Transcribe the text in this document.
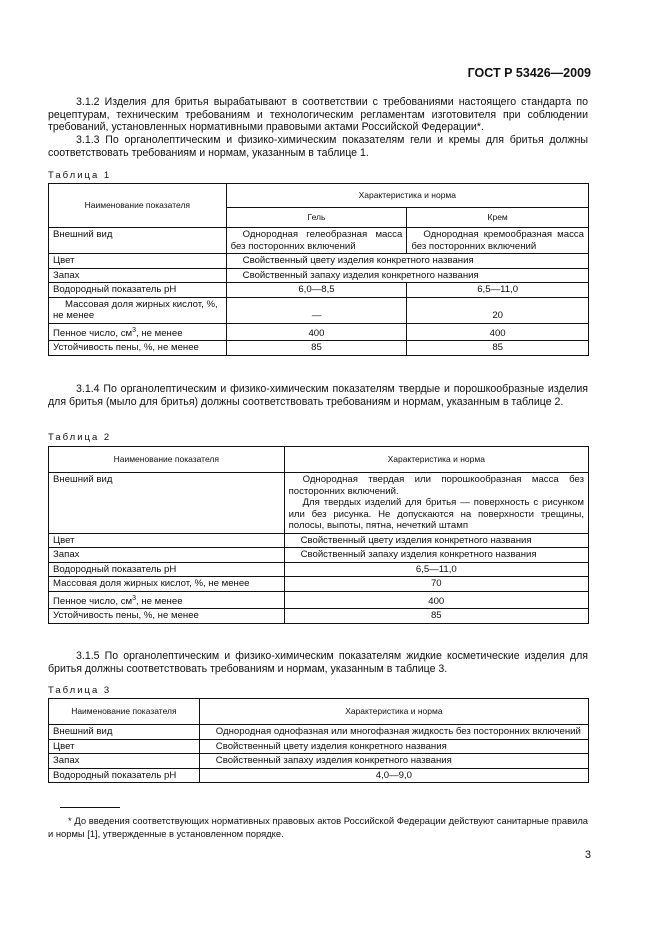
ГОСТ Р 53426—2009

3.1.2 Изделия для бритья вырабатывают в соответствии с требованиями настоящего стандарта по рецептурам, техническим требованиям и технологическим регламентам изготовителя при соблюдении требований, установленных нормативными правовыми актами Российской Федерации*.

3.1.3 По органолептическим и физико-химическим показателям гели и кремы для бритья должны соответствовать требованиям и нормам, указанным в таблице 1.

Таблица 1
Наименование показателя	Характеристика и норма	
	Гель	Крем
Внешний вид	Однородная гелеобразная масса без посторонних включений	Однородная кремообразная масса без посторонних включений
Цвет	Свойственный цвету изделия конкретного названия	
Запах	Свойственный запаху изделия конкретного названия	
Водородный показатель pH	6,0—8,5	6,5—11,0
Массовая доля жирных кислот, %, не менее	—	20
Пенное число, $см^3$, не менее	400	400
Устойчивость пены, %, не менее	85	85

3.1.4 По органолептическим и физико-химическим показателям твердые и порошкообразные изделия для бритья (мыло для бритья) должны соответствовать требованиям и нормам, указанным в таблице 2.

Таблица 2
Наименование показателя	Характеристика и норма
Внешний вид	Однородная твердая или порошкообразная масса без посторонних включений.
Для твердых изделий для бритья — поверхность с рисунком или без рисунка. Не допускаются на поверхности трещины, полосы, выпоты, пятна, нечеткий штамп

Цвет	Свойственный цвету изделия конкретного названия
Запах	Свойственный запаху изделия конкретного названия
Водородный показатель pH	6,5—11,0
Массовая доля жирных кислот, %, не менее	70
Пенное число, $см^3$, не менее	400
Устойчивость пены, %, не менее	85

3.1.5 По органолептическим и физико-химическим показателям жидкие косметические изделия для бритья должны соответствовать требованиям и нормам, указанным в таблице 3.

Таблица 3
Наименование показателя	Характеристика и норма
Внешний вид	Однородная однофазная или многофазная жидкость без посторонних включений
Цвет	Свойственный цвету изделия конкретного названия
Запах	Свойственный запаху изделия конкретного названия
Водородный показатель pH	4,0—9,0

* До введения соответствующих нормативных правовых актов Российской Федерации действуют санитарные правила и нормы [1], утвержденные в установленном порядке.

3
